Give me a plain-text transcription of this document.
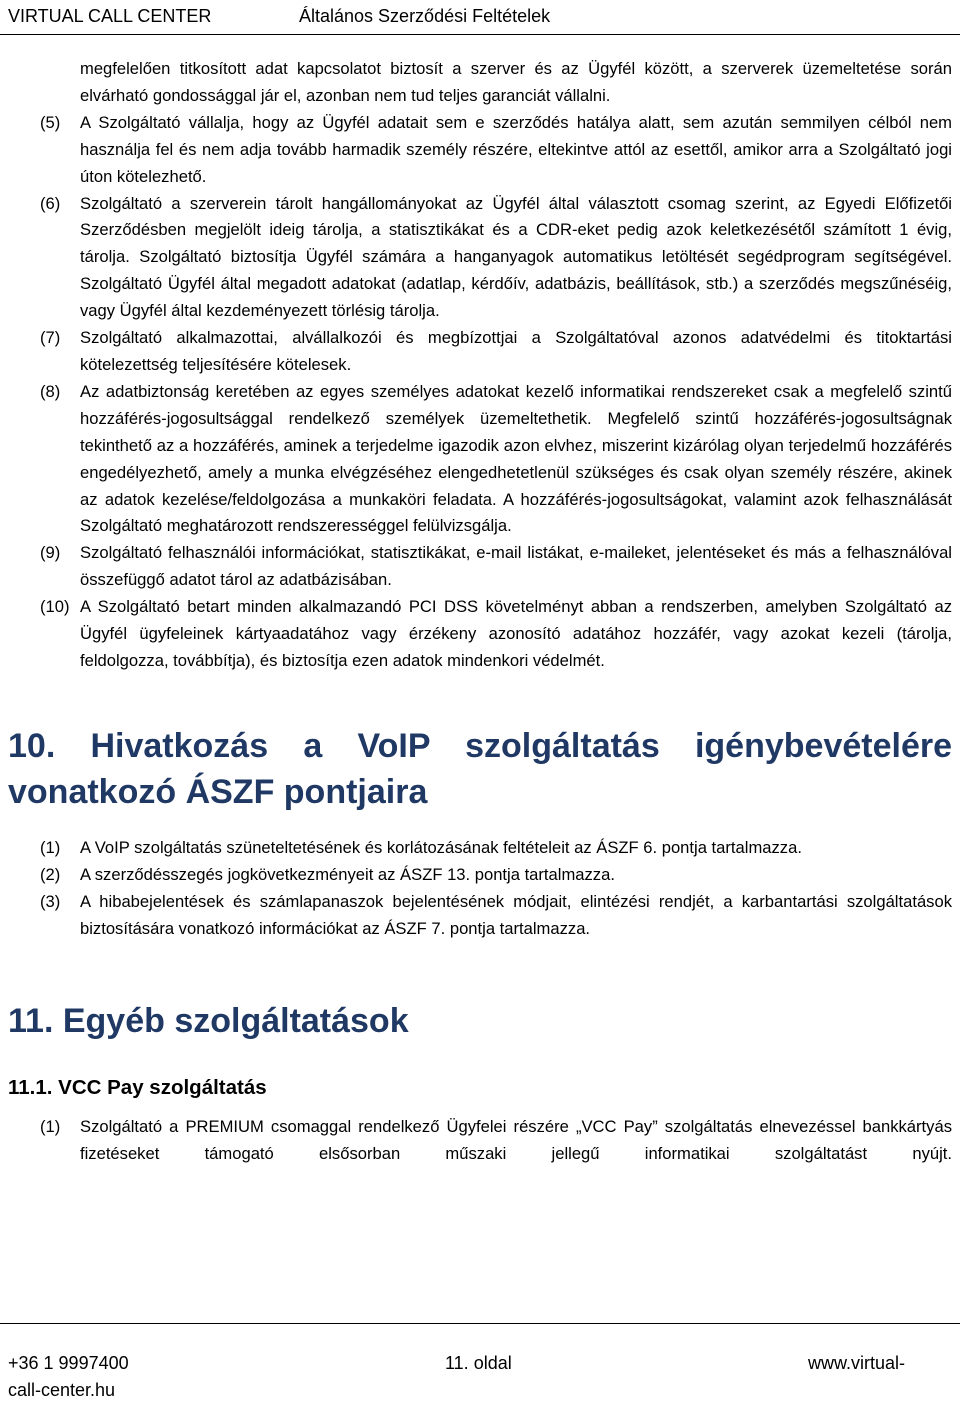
VIRTUAL CALL CENTER	Általános Szerződési Feltételek
megfelelően titkosított adat kapcsolatot biztosít a szerver és az Ügyfél között, a szerverek üzemeltetése során elvárható gondossággal jár el, azonban nem tud teljes garanciát vállalni.
(5) A Szolgáltató vállalja, hogy az Ügyfél adatait sem e szerződés hatálya alatt, sem azután semmilyen célból nem használja fel és nem adja tovább harmadik személy részére, eltekintve attól az esettől, amikor arra a Szolgáltató jogi úton kötelezhető.
(6) Szolgáltató a szerverein tárolt hangállományokat az Ügyfél által választott csomag szerint, az Egyedi Előfizetői Szerződésben megjelölt ideig tárolja, a statisztikákat és a CDR-eket pedig azok keletkezésétől számított 1 évig, tárolja. Szolgáltató biztosítja Ügyfél számára a hanganyagok automatikus letöltését segédprogram segítségével. Szolgáltató Ügyfél által megadott adatokat (adatlap, kérdőív, adatbázis, beállítások, stb.) a szerződés megszűnéséig, vagy Ügyfél által kezdeményezett törlésig tárolja.
(7) Szolgáltató alkalmazottai, alvállalkozói és megbízottjai a Szolgáltatóval azonos adatvédelmi és titoktartási kötelezettség teljesítésére kötelesek.
(8) Az adatbiztonság keretében az egyes személyes adatokat kezelő informatikai rendszereket csak a megfelelő szintű hozzáférés-jogosultsággal rendelkező személyek üzemeltethetik. Megfelelő szintű hozzáférés-jogosultságnak tekinthető az a hozzáférés, aminek a terjedelme igazodik azon elvhez, miszerint kizárólag olyan terjedelmű hozzáférés engedélyezhető, amely a munka elvégzéséhez elengedhetetlenül szükséges és csak olyan személy részére, akinek az adatok kezelése/feldolgozása a munkaköri feladata. A hozzáférés-jogosultságokat, valamint azok felhasználását Szolgáltató meghatározott rendszerességgel felülvizsgálja.
(9) Szolgáltató felhasználói információkat, statisztikákat, e-mail listákat, e-maileket, jelentéseket és más a felhasználóval összefüggő adatot tárol az adatbázisában.
(10) A Szolgáltató betart minden alkalmazandó PCI DSS követelményt abban a rendszerben, amelyben Szolgáltató az Ügyfél ügyfeleinek kártyaadatához vagy érzékeny azonosító adatához hozzáfér, vagy azokat kezeli (tárolja, feldolgozza, továbbítja), és biztosítja ezen adatok mindenkori védelmét.
10. Hivatkozás a VoIP szolgáltatás igénybevételére vonatkozó ÁSZF pontjaira
(1) A VoIP szolgáltatás szüneteltetésének és korlátozásának feltételeit az ÁSZF 6. pontja tartalmazza.
(2) A szerződésszegés jogkövetkezményeit az ÁSZF 13. pontja tartalmazza.
(3) A hibabejelentések és számlapanaszok bejelentésének módjait, elintézési rendjét, a karbantartási szolgáltatások biztosítására vonatkozó információkat az ÁSZF 7. pontja tartalmazza.
11. Egyéb szolgáltatások
11.1. VCC Pay szolgáltatás
(1) Szolgáltató a PREMIUM csomaggal rendelkező Ügyfelei részére „VCC Pay” szolgáltatás elnevezéssel bankkártyás fizetéseket támogató elsősorban műszaki jellegű informatikai szolgáltatást nyújt.
+36 1 9997400	11. oldal	www.virtual-
call-center.hu
